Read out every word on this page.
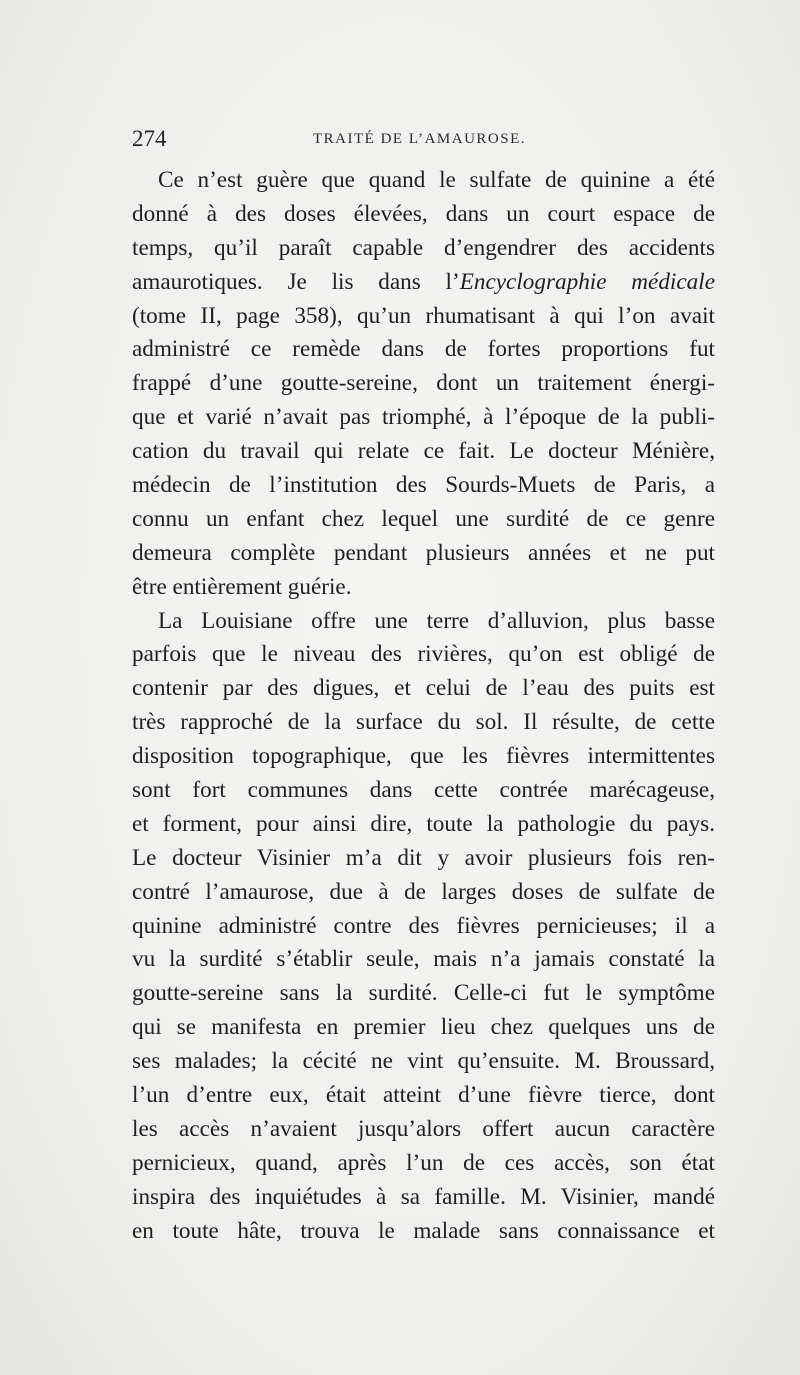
274	TRAITÉ DE L’AMAUROSE.

Ce n’est guère que quand le sulfate de quinine a été
donné à des doses élevées, dans un court espace de
temps, qu’il paraît capable d’engendrer des accidents
amaurotiques. Je lis dans l’Encyclographie médicale
(tome II, page 358), qu’un rhumatisant à qui l’on avait
administré ce remède dans de fortes proportions fut
frappé d’une goutte-sereine, dont un traitement énergi-
que et varié n’avait pas triomphé, à l’époque de la publi-
cation du travail qui relate ce fait. Le docteur Ménière,
médecin de l’institution des Sourds-Muets de Paris, a
connu un enfant chez lequel une surdité de ce genre
demeura complète pendant plusieurs années et ne put
être entièrement guérie.

La Louisiane offre une terre d’alluvion, plus basse
parfois que le niveau des rivières, qu’on est obligé de
contenir par des digues, et celui de l’eau des puits est
très rapproché de la surface du sol. Il résulte, de cette
disposition topographique, que les fièvres intermittentes
sont fort communes dans cette contrée marécageuse,
et forment, pour ainsi dire, toute la pathologie du pays.
Le docteur Visinier m’a dit y avoir plusieurs fois ren-
contré l’amaurose, due à de larges doses de sulfate de
quinine administré contre des fièvres pernicieuses; il a
vu la surdité s’établir seule, mais n’a jamais constaté la
goutte-sereine sans la surdité. Celle-ci fut le symptôme
qui se manifesta en premier lieu chez quelques uns de
ses malades; la cécité ne vint qu’ensuite. M. Broussard,
l’un d’entre eux, était atteint d’une fièvre tierce, dont
les accès n’avaient jusqu’alors offert aucun caractère
pernicieux, quand, après l’un de ces accès, son état
inspira des inquiétudes à sa famille. M. Visinier, mandé
en toute hâte, trouva le malade sans connaissance et
